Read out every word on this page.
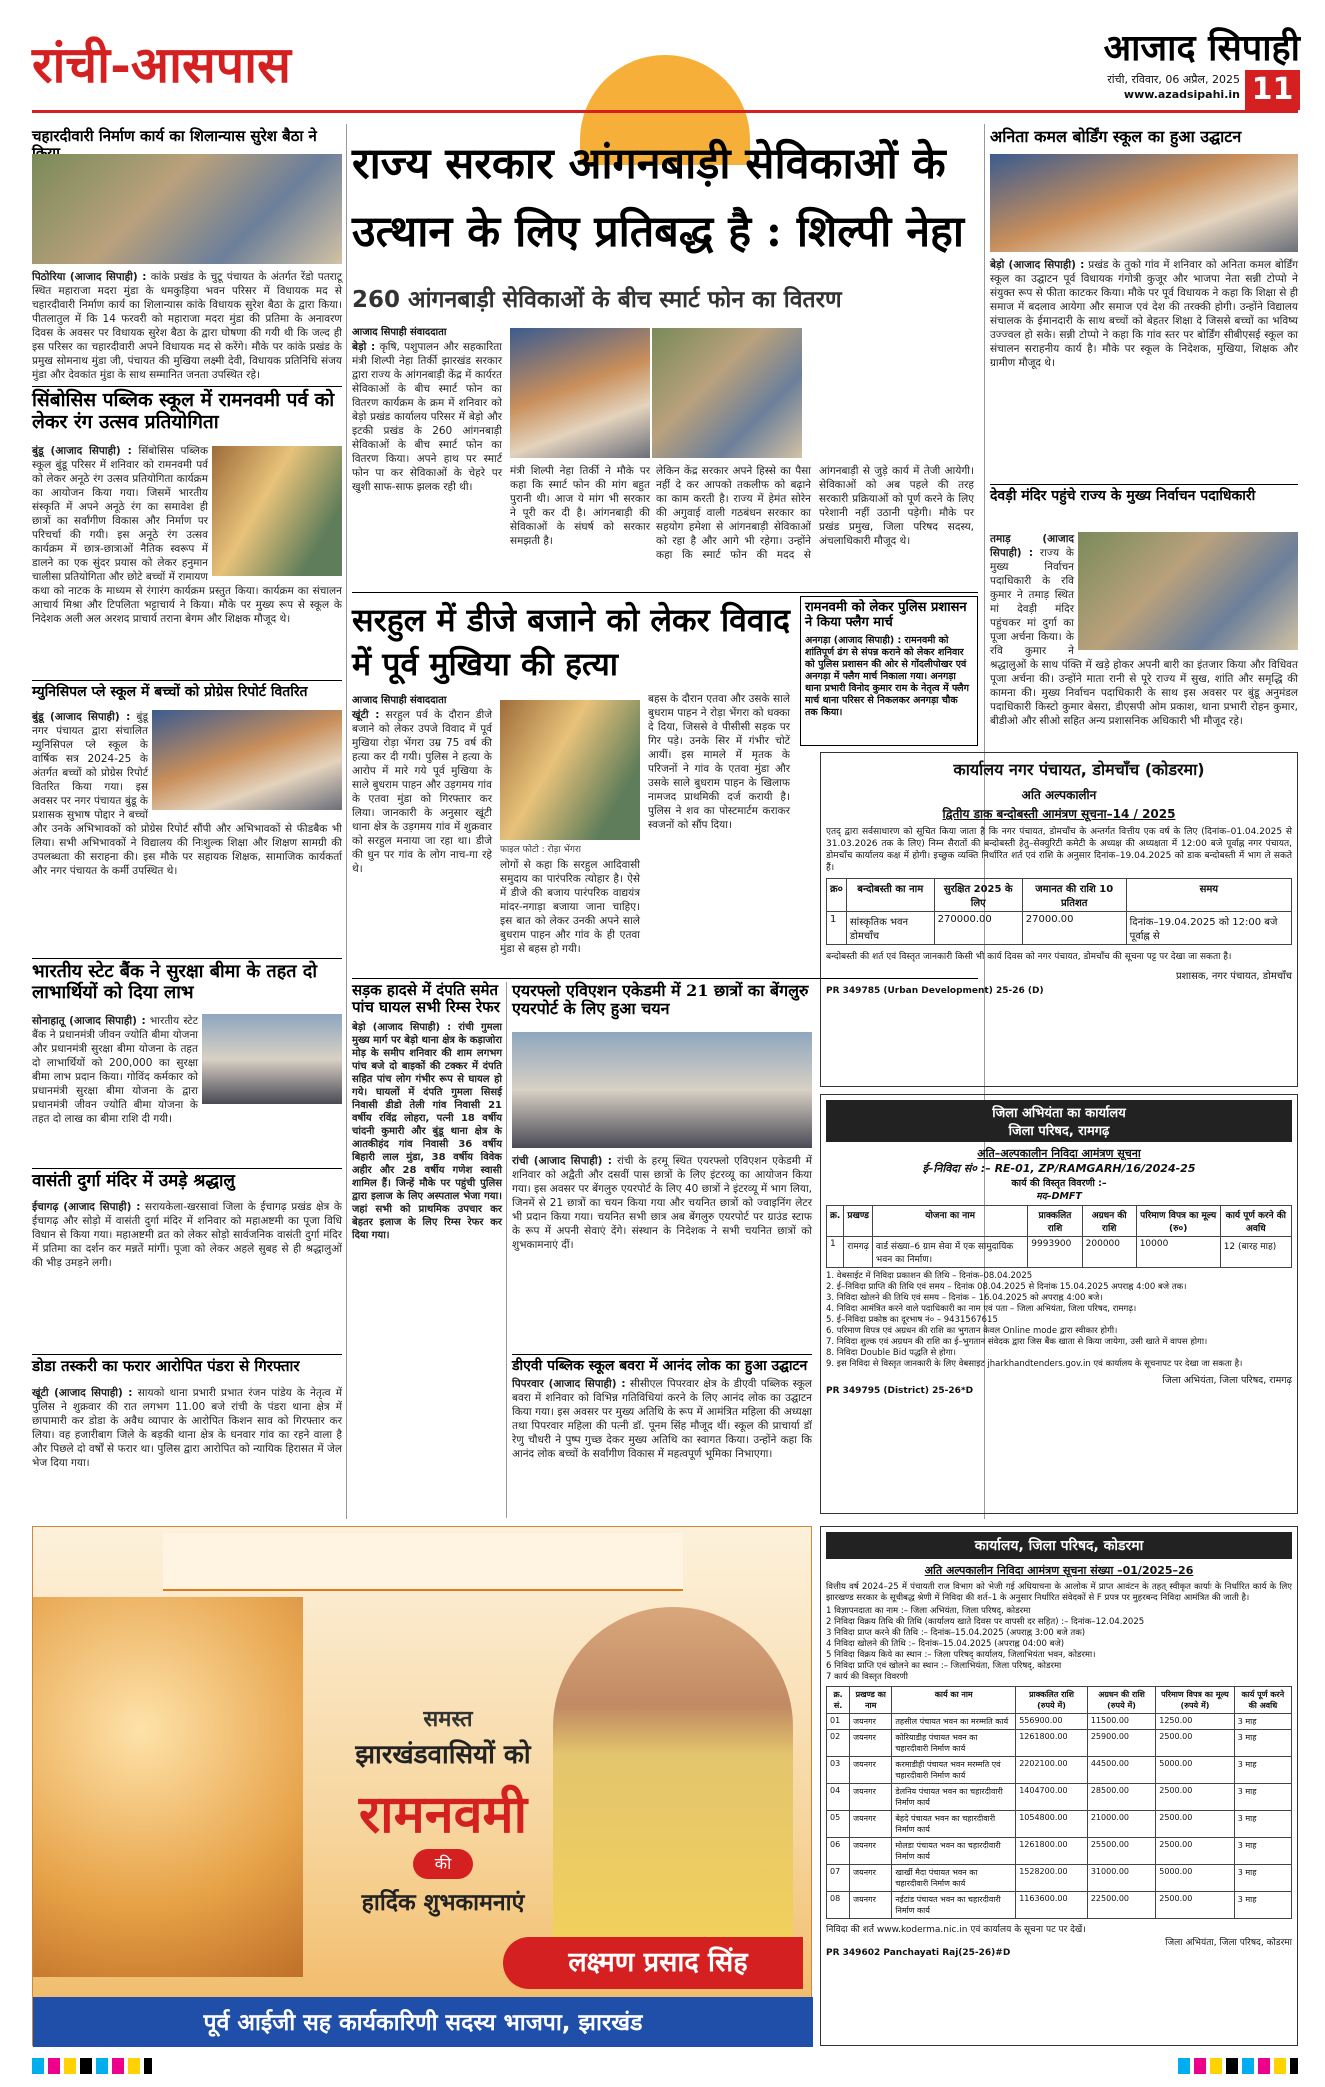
रांची-आसपास	आजाद सिपाही
रांची, रविवार, 06 अप्रैल, 2025
www.azadsipahi.in 11
चहारदीवारी निर्माण कार्य का शिलान्यास सुरेश बैठा ने
पिठोरिया (आजाद सिपाही) : कांके प्रखंड के चुटू पंचायत के अंतर्गत रेंडो पतराटू स्थित महाराजा मदरा मुंडा के धमकुड़िया भवन परिसर में विधायक मद से चहारदीवारी निर्माण कार्य का शिलान्यास कांके विधायक सुरेश बैठा के द्वारा किया। पीतलातुल में कि 14 फरवरी को महाराजा मदरा मुंडा की प्रतिमा के अनावरण दिवस के अवसर पर विधायक सुरेश बैठा के द्वारा घोषणा की गयी थी कि जल्द ही इस परिसर का चहारदीवारी अपने विधायक मद से करेंगे। मौके पर कांके प्रखंड के प्रमुख सोमनाथ मुंडा जी, पंचायत की मुखिया लक्ष्मी देवी, विधायक प्रतिनिधि संजय मुंडा और देवकांत मुंडा के साथ सम्मानित जनता उपस्थित रहे।
सिंबोसिस पब्लिक स्कूल में रामनवमी पर्व को लेकर रंग उत्सव प्रतियोगिता
बुंडू (आजाद सिपाही) : सिंबोसिस पब्लिक स्कूल बुंडू परिसर में शनिवार को रामनवमी पर्व को लेकर अनूठे रंग उत्सव प्रतियोगिता कार्यक्रम का आयोजन किया गया। जिसमें भारतीय संस्कृति में अपने अनूठे रंग का समावेश ही छात्रों का सर्वांगीण विकास और निर्माण पर परिचर्चा की गयी। इस अनूठे रंग उत्सव कार्यक्रम में छात्र-छात्राओं नैतिक स्वरूप में डालने का एक सुंदर प्रयास को लेकर हनुमान चालीसा प्रतियोगिता और छोटे बच्चों में रामायण कथा को नाटक के माध्यम से रंगारंग कार्यक्रम प्रस्तुत किया। कार्यक्रम का संचालन आचार्य मिश्रा और टिपलिता भट्टाचार्य ने किया। मौके पर मुख्य रूप से स्कूल के निदेशक अली अल अरशद प्राचार्य तराना बेगम और शिक्षक मौजूद थे।
म्युनिसिपल प्ले स्कूल में बच्चों को प्रोग्रेस रिपोर्ट वितरित
बुंडू (आजाद सिपाही) : बुंडू नगर पंचायत द्वारा संचालित म्युनिसिपल प्ले स्कूल के वार्षिक सत्र 2024-25 के अंतर्गत बच्चों को प्रोग्रेस रिपोर्ट वितरित किया गया। इस अवसर पर नगर पंचायत बुंडू के प्रशासक सुभाष पोद्दार ने बच्चों और उनके अभिभावकों को प्रोग्रेस रिपोर्ट सौंपी और अभिभावकों से फीडबैक भी लिया। सभी अभिभावकों ने विद्यालय की निःशुल्क शिक्षा और शिक्षण सामग्री की उपलब्धता की सराहना की। इस मौके पर सहायक शिक्षक, सामाजिक कार्यकर्ता और नगर पंचायत के कर्मी उपस्थित थे।
भारतीय स्टेट बैंक ने सुरक्षा बीमा के तहत दो लाभार्थियों को दिया लाभ
सोनाहातू (आजाद सिपाही) : भारतीय स्टेट बैंक ने प्रधानमंत्री जीवन ज्योति बीमा योजना और प्रधानमंत्री सुरक्षा बीमा योजना के तहत दो लाभार्थियों को 200,000 का सुरक्षा बीमा लाभ प्रदान किया। गोविंद कर्मकार को प्रधानमंत्री सुरक्षा बीमा योजना के द्वारा प्रधानमंत्री जीवन ज्योति बीमा योजना के तहत दो लाख का बीमा राशि दी गयी।
वासंती दुर्गा मंदिर में उमड़े श्रद्धालु
ईचागढ़ (आजाद सिपाही) : सरायकेला-खरसावां जिला के ईचागढ़ प्रखंड क्षेत्र के ईचागढ़ और सोड़ो में वासंती दुर्गा मंदिर में शनिवार को महाअष्टमी का पूजा विधि विधान से किया गया। महाअष्टमी व्रत को लेकर सोड़ो सार्वजनिक वासंती दुर्गा मंदिर में प्रतिमा का दर्शन कर मन्नतें मांगीं। पूजा को लेकर अहले सुबह से ही श्रद्धालुओं की भीड़ उमड़ने लगी।
डोडा तस्करी का फरार आरोपित पंडरा से गिरफ्तार
खूंटी (आजाद सिपाही) : सायको थाना प्रभारी प्रभात रंजन पांडेय के नेतृत्व में पुलिस ने शुक्रवार की रात लगभग 11.00 बजे रांची के पंडरा थाना क्षेत्र में छापामारी कर डोडा के अवैध व्यापार के आरोपित किशन साव को गिरफ्तार कर लिया। वह हजारीबाग जिले के बड़की थाना क्षेत्र के धनवार गांव का रहने वाला है और पिछले दो वर्षों से फरार था। पुलिस द्वारा आरोपित को न्यायिक हिरासत में जेल भेज दिया गया।
राज्य सरकार आंगनबाड़ी सेविकाओं के उत्थान के लिए प्रतिबद्ध है : शिल्पी नेहा
260 आंगनबाड़ी सेविकाओं के बीच स्मार्ट फोन का वितरण
आजाद सिपाही संवाददाता
बेड़ो : कृषि, पशुपालन और सहकारिता मंत्री शिल्पी नेहा तिर्की झारखंड सरकार द्वारा राज्य के आंगनबाड़ी केंद्र में कार्यरत सेविकाओं के बीच स्मार्ट फोन का वितरण कार्यक्रम के क्रम में शनिवार को बेड़ो प्रखंड कार्यालय परिसर में बेड़ो और इटकी प्रखंड के 260 आंगनबाड़ी सेविकाओं के बीच स्मार्ट फोन का वितरण किया। अपने हाथ पर स्मार्ट फोन पा कर सेविकाओं के चेहरे पर खुशी साफ-साफ झलक रही थी।
मंत्री शिल्पी नेहा तिर्की ने मौके पर कहा कि स्मार्ट फोन की मांग बहुत पुरानी थी। आज ये मांग भी सरकार ने पूरी कर दी है। आंगनबाड़ी की सेविकाओं के संघर्ष को सरकार समझती है।
लेकिन केंद्र सरकार अपने हिस्से का पैसा नहीं दे कर आपको तकलीफ को बढ़ाने का काम करती है। राज्य में हेमंत सोरेन की अगुवाई वाली गठबंधन सरकार का सहयोग हमेशा से आंगनबाड़ी सेविकाओं को रहा है और आगे भी रहेगा। उन्होंने कहा कि स्मार्ट फोन की मदद से आंगनबाड़ी से जुड़े कार्य में तेजी आयेगी। सेविकाओं को अब पहले की तरह सरकारी प्रक्रियाओं को पूर्ण करने के लिए परेशानी नहीं उठानी पड़ेगी। मौके पर प्रखंड प्रमुख, जिला परिषद सदस्य, अंचलाधिकारी मौजूद थे।
सरहुल में डीजे बजाने को लेकर विवाद में पूर्व मुखिया की हत्या
आजाद सिपाही संवाददाता
खूंटी : सरहुल पर्व के दौरान डीजे बजाने को लेकर उपजे विवाद में पूर्व मुखिया रोड़ा भेंगरा उम्र 75 वर्ष की हत्या कर दी गयी। पुलिस ने हत्या के आरोप में मारे गये पूर्व मुखिया के साले बुधराम पाहन और उड़गमय गांव के एतवा मुंडा को गिरफ्तार कर लिया। जानकारी के अनुसार खूंटी थाना क्षेत्र के उड़गमय गांव में शुक्रवार को सरहुल मनाया जा रहा था। डीजे की धुन पर गांव के लोग नाच-गा रहे थे।
फाइल फोटो : रोड़ा भेंगरा
लोगों से कहा कि सरहुल आदिवासी समुदाय का पारंपरिक त्योहार है। ऐसे में डीजे की बजाय पारंपरिक वाद्ययंत्र मांदर-नगाड़ा बजाया जाना चाहिए। इस बात को लेकर उनकी अपने साले बुधराम पाहन और गांव के ही एतवा मुंडा से बहस हो गयी।
बहस के दौरान एतवा और उसके साले बुधराम पाहन ने रोड़ा भेंगरा को धक्का दे दिया, जिससे वे पीसीसी सड़क पर गिर पड़े। उनके सिर में गंभीर चोटें आयीं। इस मामले में मृतक के परिजनों ने गांव के एतवा मुंडा और उसके साले बुधराम पाहन के खिलाफ नामजद प्राथमिकी दर्ज करायी है। पुलिस ने शव का पोस्टमार्टम कराकर स्वजनों को सौंप दिया।
रामनवमी को लेकर पुलिस प्रशासन ने किया फ्लैग मार्च
अनगड़ा (आजाद सिपाही) : रामनवमी को शांतिपूर्ण ढंग से संपन्न कराने को लेकर शनिवार को पुलिस प्रशासन की ओर से गोंदलीपोखर एवं अनगड़ा में फ्लैग मार्च निकाला गया। अनगड़ा थाना प्रभारी विनोद कुमार राम के नेतृत्व में फ्लैग मार्च थाना परिसर से निकलकर अनगड़ा चौक तक किया।
सड़क हादसे में दंपति समेत पांच घायल सभी रिम्स रेफर
बेड़ो (आजाद सिपाही) : रांची गुमला मुख्य मार्ग पर बेड़ो थाना क्षेत्र के कड़ाजोरा मोड़ के समीप शनिवार की शाम लगभग पांच बजे दो बाइकों की टक्कर में दंपति सहित पांच लोग गंभीर रूप से घायल हो गये। घायलों में दंपति गुमला सिसई निवासी डीडो तेली गांव निवासी 21 वर्षीय रविंद्र लोहरा, पत्नी 18 वर्षीय चांदनी कुमारी और बुंडू थाना क्षेत्र के आतकीहंद गांव निवासी 36 वर्षीय बिहारी लाल मुंडा, 38 वर्षीय विवेक अहीर और 28 वर्षीय गणेश स्वासी शामिल हैं। जिन्हें मौके पर पहुंची पुलिस द्वारा इलाज के लिए अस्पताल भेजा गया। जहां सभी को प्राथमिक उपचार कर बेहतर इलाज के लिए रिम्स रेफर कर दिया गया।
एयरफ्लो एविएशन एकेडमी में 21 छात्रों का बेंगलुरु एयरपोर्ट के लिए हुआ चयन
रांची (आजाद सिपाही) : रांची के हरमू स्थित एयरफ्लो एविएशन एकेडमी में शनिवार को अद्वैती और दसवीं पास छात्रों के लिए इंटरव्यू का आयोजन किया गया। इस अवसर पर बेंगलुरु एयरपोर्ट के लिए 40 छात्रों ने इंटरव्यू में भाग लिया, जिनमें से 21 छात्रों का चयन किया गया और चयनित छात्रों को ज्वाइनिंग लेटर भी प्रदान किया गया। चयनित सभी छात्र अब बेंगलुरु एयरपोर्ट पर ग्राउंड स्टाफ के रूप में अपनी सेवाएं देंगे। संस्थान के निदेशक ने सभी चयनित छात्रों को शुभकामनाएं दीं।
डीएवी पब्लिक स्कूल बवरा में आनंद लोक का हुआ उद्घाटन
पिपरवार (आजाद सिपाही) : सीसीएल पिपरवार क्षेत्र के डीएवी पब्लिक स्कूल बवरा में शनिवार को विभिन्न गतिविधियां करने के लिए आनंद लोक का उद्घाटन किया गया। इस अवसर पर मुख्य अतिथि के रूप में आमंत्रित महिला की अध्यक्षा तथा पिपरवार महिला की पत्नी डॉ. पूनम सिंह मौजूद थीं। स्कूल की प्राचार्या डॉ रेणु चौधरी ने पुष्प गुच्छ देकर मुख्य अतिथि का स्वागत किया। उन्होंने कहा कि आनंद लोक बच्चों के सर्वांगीण विकास में महत्वपूर्ण भूमिका निभाएगा।
अनिता कमल बोर्डिंग स्कूल का हुआ उद्घाटन
बेड़ो (आजाद सिपाही) : प्रखंड के तुको गांव में शनिवार को अनिता कमल बोर्डिंग स्कूल का उद्घाटन पूर्व विधायक गंगोत्री कुजूर और भाजपा नेता सन्नी टोप्पो ने संयुक्त रूप से फीता काटकर किया। मौके पर पूर्व विधायक ने कहा कि शिक्षा से ही समाज में बदलाव आयेगा और समाज एवं देश की तरक्की होगी। उन्होंने विद्यालय संचालक के ईमानदारी के साथ बच्चों को बेहतर शिक्षा दे जिससे बच्चों का भविष्य उज्ज्वल हो सके। सन्नी टोप्पो ने कहा कि गांव स्तर पर बोर्डिंग सीबीएसई स्कूल का संचालन सराहनीय कार्य है। मौके पर स्कूल के निदेशक, मुखिया, शिक्षक और ग्रामीण मौजूद थे।
देवड़ी मंदिर पहुंचे राज्य के मुख्य निर्वाचन पदाधिकारी
तमाड़ (आजाद सिपाही) : राज्य के मुख्य निर्वाचन पदाधिकारी के रवि कुमार ने तमाड़ स्थित मां देवड़ी मंदिर पहुंचकर मां दुर्गा का पूजा अर्चना किया। के रवि कुमार ने श्रद्धालुओं के साथ पंक्ति में खड़े होकर अपनी बारी का इंतजार किया और विधिवत पूजा अर्चना की। उन्होंने माता रानी से पूरे राज्य में सुख, शांति और समृद्धि की कामना की। मुख्य निर्वाचन पदाधिकारी के साथ इस अवसर पर बुंडू अनुमंडल पदाधिकारी किस्टो कुमार बेसरा, डीएसपी ओम प्रकाश, थाना प्रभारी रोहन कुमार, बीडीओ और सीओ सहित अन्य प्रशासनिक अधिकारी भी मौजूद रहे।
कार्यालय नगर पंचायत, डोमचाँच (कोडरमा)
अति अल्पकालीन
द्वितीय डाक बन्दोबस्ती आमंत्रण सूचना–14 / 2025
एतद् द्वारा सर्वसाधारण को सूचित किया जाता है कि नगर पंचायत, डोमचाँच के अन्तर्गत वित्तीय एक वर्ष के लिए (दिनांक–01.04.2025 से 31.03.2026 तक के लिए) निम्न सैरातों की बन्दोबस्ती हेतु–सेक्युरिटी कमेटी के अध्यक्ष की अध्यक्षता में 12:00 बजे पूर्वाह्न नगर पंचायत, डोमचाँच कार्यालय कक्ष में होगी। इच्छुक व्यक्ति निर्धारित शर्त एवं राशि के अनुसार दिनांक–19.04.2025 को डाक बन्दोबस्ती में भाग ले सकते हैं।
क्र०	बन्दोबस्ती का नाम	सुरक्षित 2025 के लिए	जमानत की राशि 10 प्रतिशत	समय
1	सांस्कृतिक भवन डोमचाँच	270000.00	27000.00	दिनांक–19.04.2025 को 12:00 बजे पूर्वाह्न से
बन्दोबस्ती की शर्त एवं विस्तृत जानकारी किसी भी कार्य दिवस को नगर पंचायत, डोमचाँच की सूचना पट्ट पर देखा जा सकता है।
प्रशासक, नगर पंचायत, डोमचाँच
PR 349785 (Urban Development) 25-26 (D)
जिला अभियंता का कार्यालय
जिला परिषद, रामगढ़
अति–अल्पकालीन निविदा आमंत्रण सूचना
ई–निविदा सं० :– RE-01, ZP/RAMGARH/16/2024-25
कार्य की विस्तृत विवरणी :–
मद–DMFT
क्र.	प्रखण्ड	योजना का नाम	प्राक्कलित राशि	अग्रधन की राशि	परिमाण विपत्र का मूल्य (रु०)	कार्य पूर्ण करने की अवधि
1	रामगढ़	वार्ड संख्या–6 ग्राम सेवा में एक सामुदायिक भवन का निर्माण।	9993900	200000	10000	12 (बारह माह)
1. वेबसाईट में निविदा प्रकाशन की तिथि – दिनांक–08.04.2025
2. ई–निविदा प्राप्ति की तिथि एवं समय – दिनांक 08.04.2025 से दिनांक 15.04.2025 अपराह्न 4:00 बजे तक।
3. निविदा खोलने की तिथि एवं समय – दिनांक – 16.04.2025 को अपराह्न 4:00 बजे।
4. निविदा आमंत्रित करने वाले पदाधिकारी का नाम एवं पता – जिला अभियंता, जिला परिषद, रामगढ़।
5. ई–निविदा प्रकोष्ठ का दूरभाष नं० – 9431567615
6. परिमाण विपत्र एवं अग्रधन की राशि का भुगतान केवल Online mode द्वारा स्वीकार होगी।
7. निविदा शुल्क एवं अग्रधन की राशि का ई–भुगतान संवेदक द्वारा जिस बैंक खाता से किया जायेगा, उसी खाते में वापस होगा।
8. निविदा Double Bid पद्धति से होगा।
9. इस निविदा से विस्तृत जानकारी के लिए वेबसाइट jharkhandtenders.gov.in एवं कार्यालय के सूचनापट पर देखा जा सकता है।
जिला अभियंता, जिला परिषद, रामगढ़
PR 349795 (District) 25-26*D
समस्त
झारखंडवासियों को
रामनवमी
की
हार्दिक शुभकामनाएं
लक्ष्मण प्रसाद सिंह
पूर्व आईजी सह कार्यकारिणी सदस्य भाजपा, झारखंड
कार्यालय, जिला परिषद, कोडरमा
अति अल्पकालीन निविदा आमंत्रण सूचना संख्या –01/2025–26
वित्तीय वर्ष 2024–25 में पंचायती राज विभाग को भेजी गई अधियाचना के आलोक में प्राप्त आवंटन के तहत् स्वीकृत कार्याः के निर्धारित कार्य के लिए झारखण्ड सरकार के सूचीबद्ध श्रेणी में निविदा की शर्त–1 के अनुसार निर्धारित संवेदकों से F प्रपत्र पर मुहरबन्द निविदा आमंत्रित की जाती है।
1 विज्ञापनदाता का नाम :– जिला अभियंता, जिला परिषद्, कोडरमा
2 निविदा विक्रय तिथि की तिथि (कार्यालय खाते दिवस पर वापसी दर सहित) :– दिनांक–12.04.2025
3 निविदा प्राप्त करने की तिथि :– दिनांक–15.04.2025 (अपराह्न 3:00 बजे तक)
4 निविदा खोलने की तिथि :– दिनांक–15.04.2025 (अपराह्न 04:00 बजे)
5 निविदा विक्रय किये का स्थान :– जिला परिषद् कार्यालय, जिलाभियंता भवन, कोडरमा।
6 निविदा प्राप्ति एवं खोलने का स्थान :– जिलाभियंता, जिला परिषद्, कोडरमा
7 कार्य की विस्तृत विवरणी
क्र. सं.	प्रखण्ड का नाम	कार्य का नाम	प्राक्कलित राशि (रुपये में)	अग्रधन की राशि (रुपये में)	परिमाण विपत्र का मूल्य (रुपये में)	कार्य पूर्ण करने की अवधि
01	जयनगर	तहसील पंचायत भवन का मरम्मति कार्य	556900.00	11500.00	1250.00	3 माह
02	जयनगर	कोरियाडीह पंचायत भवन का चहारदीवारी निर्माण कार्य	1261800.00	25900.00	2500.00	3 माह
03	जयनगर	करमाडीही पंचायत भवन मरम्मति एवं चहारदीवारी निर्माण कार्य	2202100.00	44500.00	5000.00	3 माह
04	जयनगर	डेलनिय पंचायत भवन का चहारदीवारी निर्माण कार्य	1404700.00	28500.00	2500.00	3 माह
05	जयनगर	बेहदे पंचायत भवन का चहारदीवारी निर्माण कार्य	1054800.00	21000.00	2500.00	3 माह
06	जयनगर	मोलडा पंचायत भवन का चहारदीवारी निर्माण कार्य	1261800.00	25500.00	2500.00	3 माह
07	जयनगर	खार्खी मैदा पंचायत भवन का चहारदीवारी निर्माण कार्य	1528200.00	31000.00	5000.00	3 माह
08	जयनगर	नईटांड पंचायत भवन का चहारदीवारी निर्माण कार्य	1163600.00	22500.00	2500.00	3 माह
निविदा की शर्त www.koderma.nic.in एवं कार्यालय के सूचना पट पर देखें।
जिला अभियंता, जिला परिषद, कोडरमा
PR 349602 Panchayati Raj(25-26)#D
